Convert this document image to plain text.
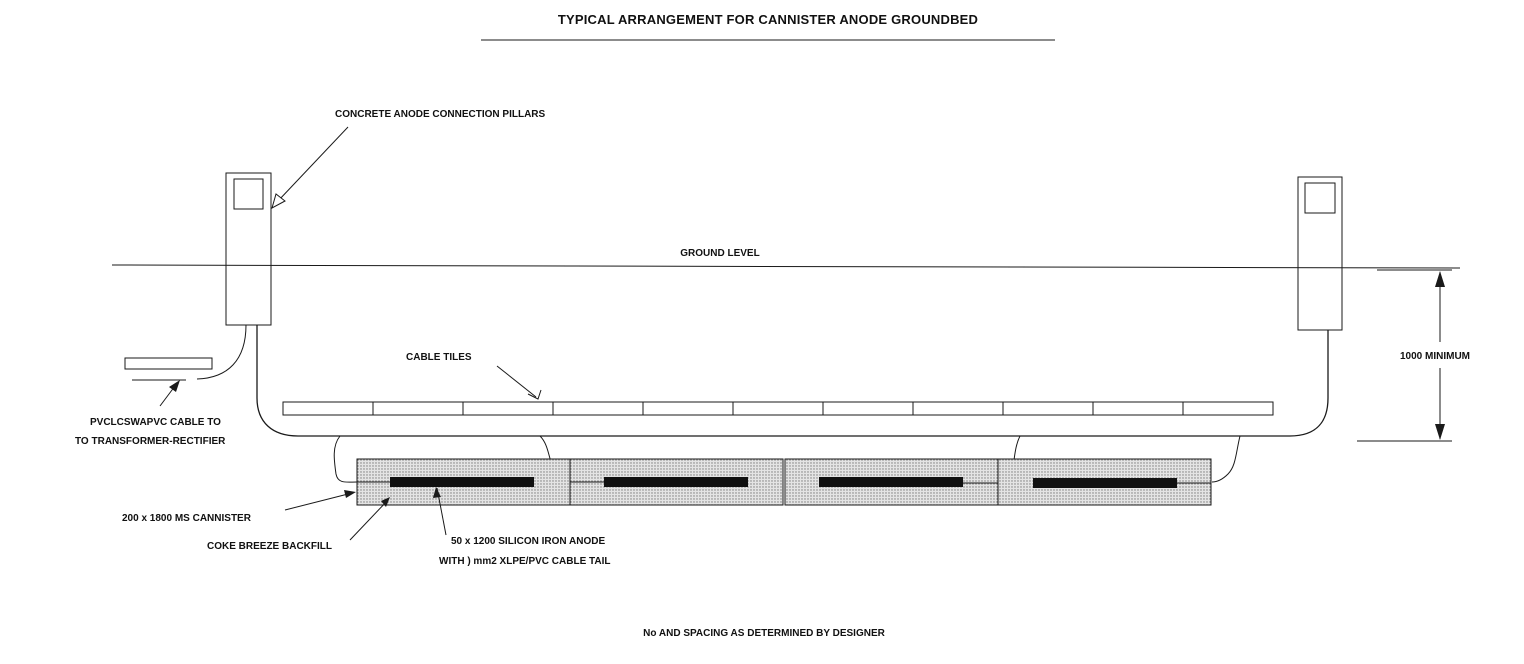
TYPICAL ARRANGEMENT FOR CANNISTER ANODE GROUNDBED
GROUND LEVEL
CONCRETE ANODE CONNECTION PILLARS
PVCLCSWAPVC CABLE TO
TO TRANSFORMER-RECTIFIER
CABLE TILES
200 x 1800 MS CANNISTER
COKE BREEZE BACKFILL	50 x 1200 SILICON IRON ANODE
WITH ) mm2 XLPE/PVC CABLE TAIL
1000 MINIMUM
No AND SPACING AS DETERMINED BY DESIGNER
